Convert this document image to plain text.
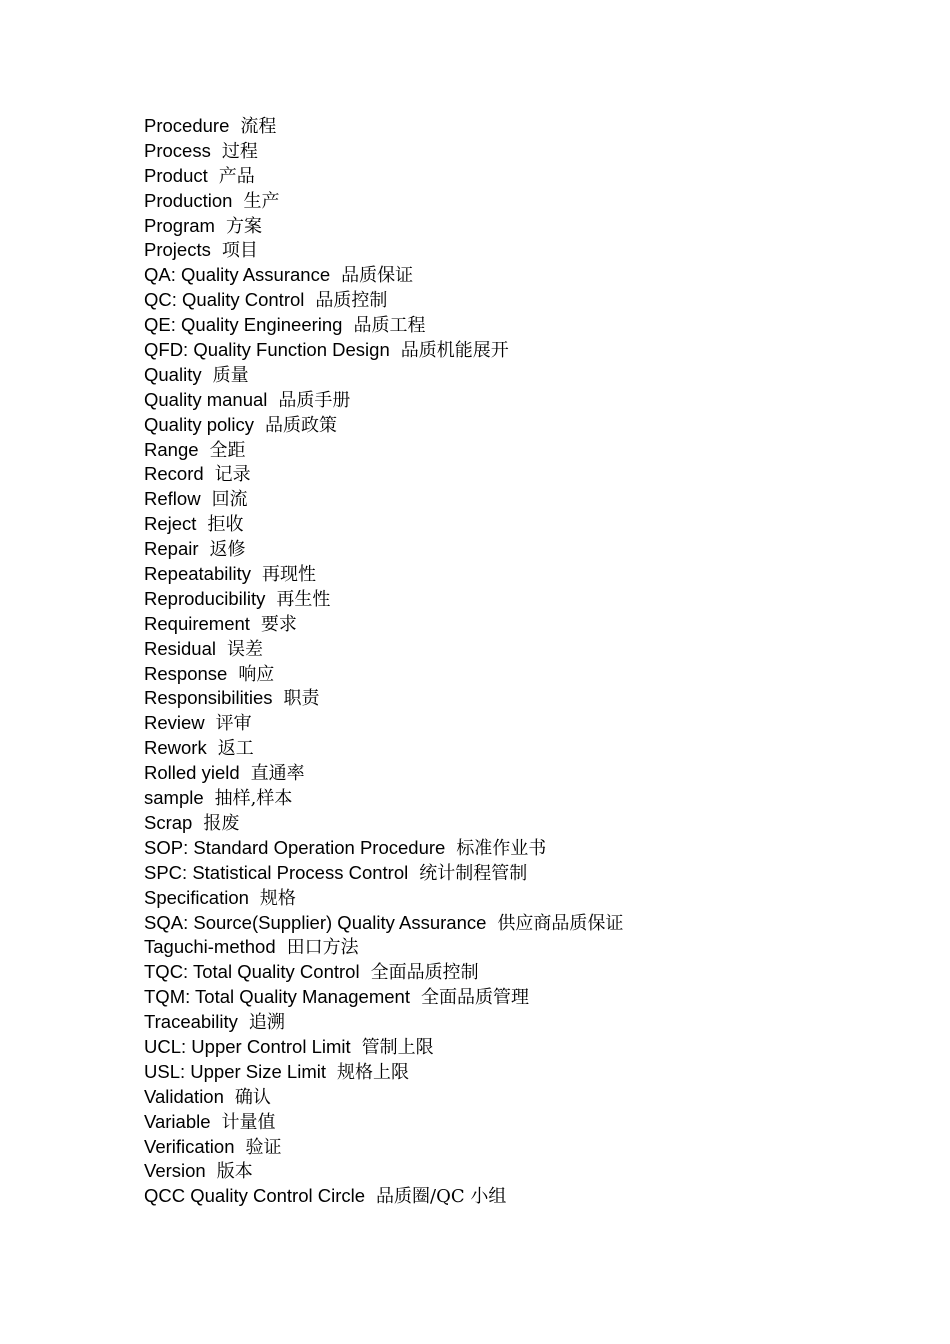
Procedure 流程
Process 过程
Product 产品
Production 生产
Program 方案
Projects 项目
QA: Quality Assurance 品质保证
QC: Quality Control 品质控制
QE: Quality Engineering 品质工程
QFD: Quality Function Design 品质机能展开
Quality 质量
Quality manual 品质手册
Quality policy 品质政策
Range 全距
Record 记录
Reflow 回流
Reject 拒收
Repair 返修
Repeatability 再现性
Reproducibility 再生性
Requirement 要求
Residual 误差
Response 响应
Responsibilities 职责
Review 评审
Rework 返工
Rolled yield 直通率
sample 抽样,样本
Scrap 报废
SOP: Standard Operation Procedure 标准作业书
SPC: Statistical Process Control 统计制程管制
Specification 规格
SQA: Source(Supplier) Quality Assurance 供应商品质保证
Taguchi-method 田口方法
TQC: Total Quality Control 全面品质控制
TQM: Total Quality Management 全面品质管理
Traceability 追溯
UCL: Upper Control Limit 管制上限
USL: Upper Size Limit 规格上限
Validation 确认
Variable 计量值
Verification 验证
Version 版本
QCC Quality Control Circle 品质圈/QC 小组
